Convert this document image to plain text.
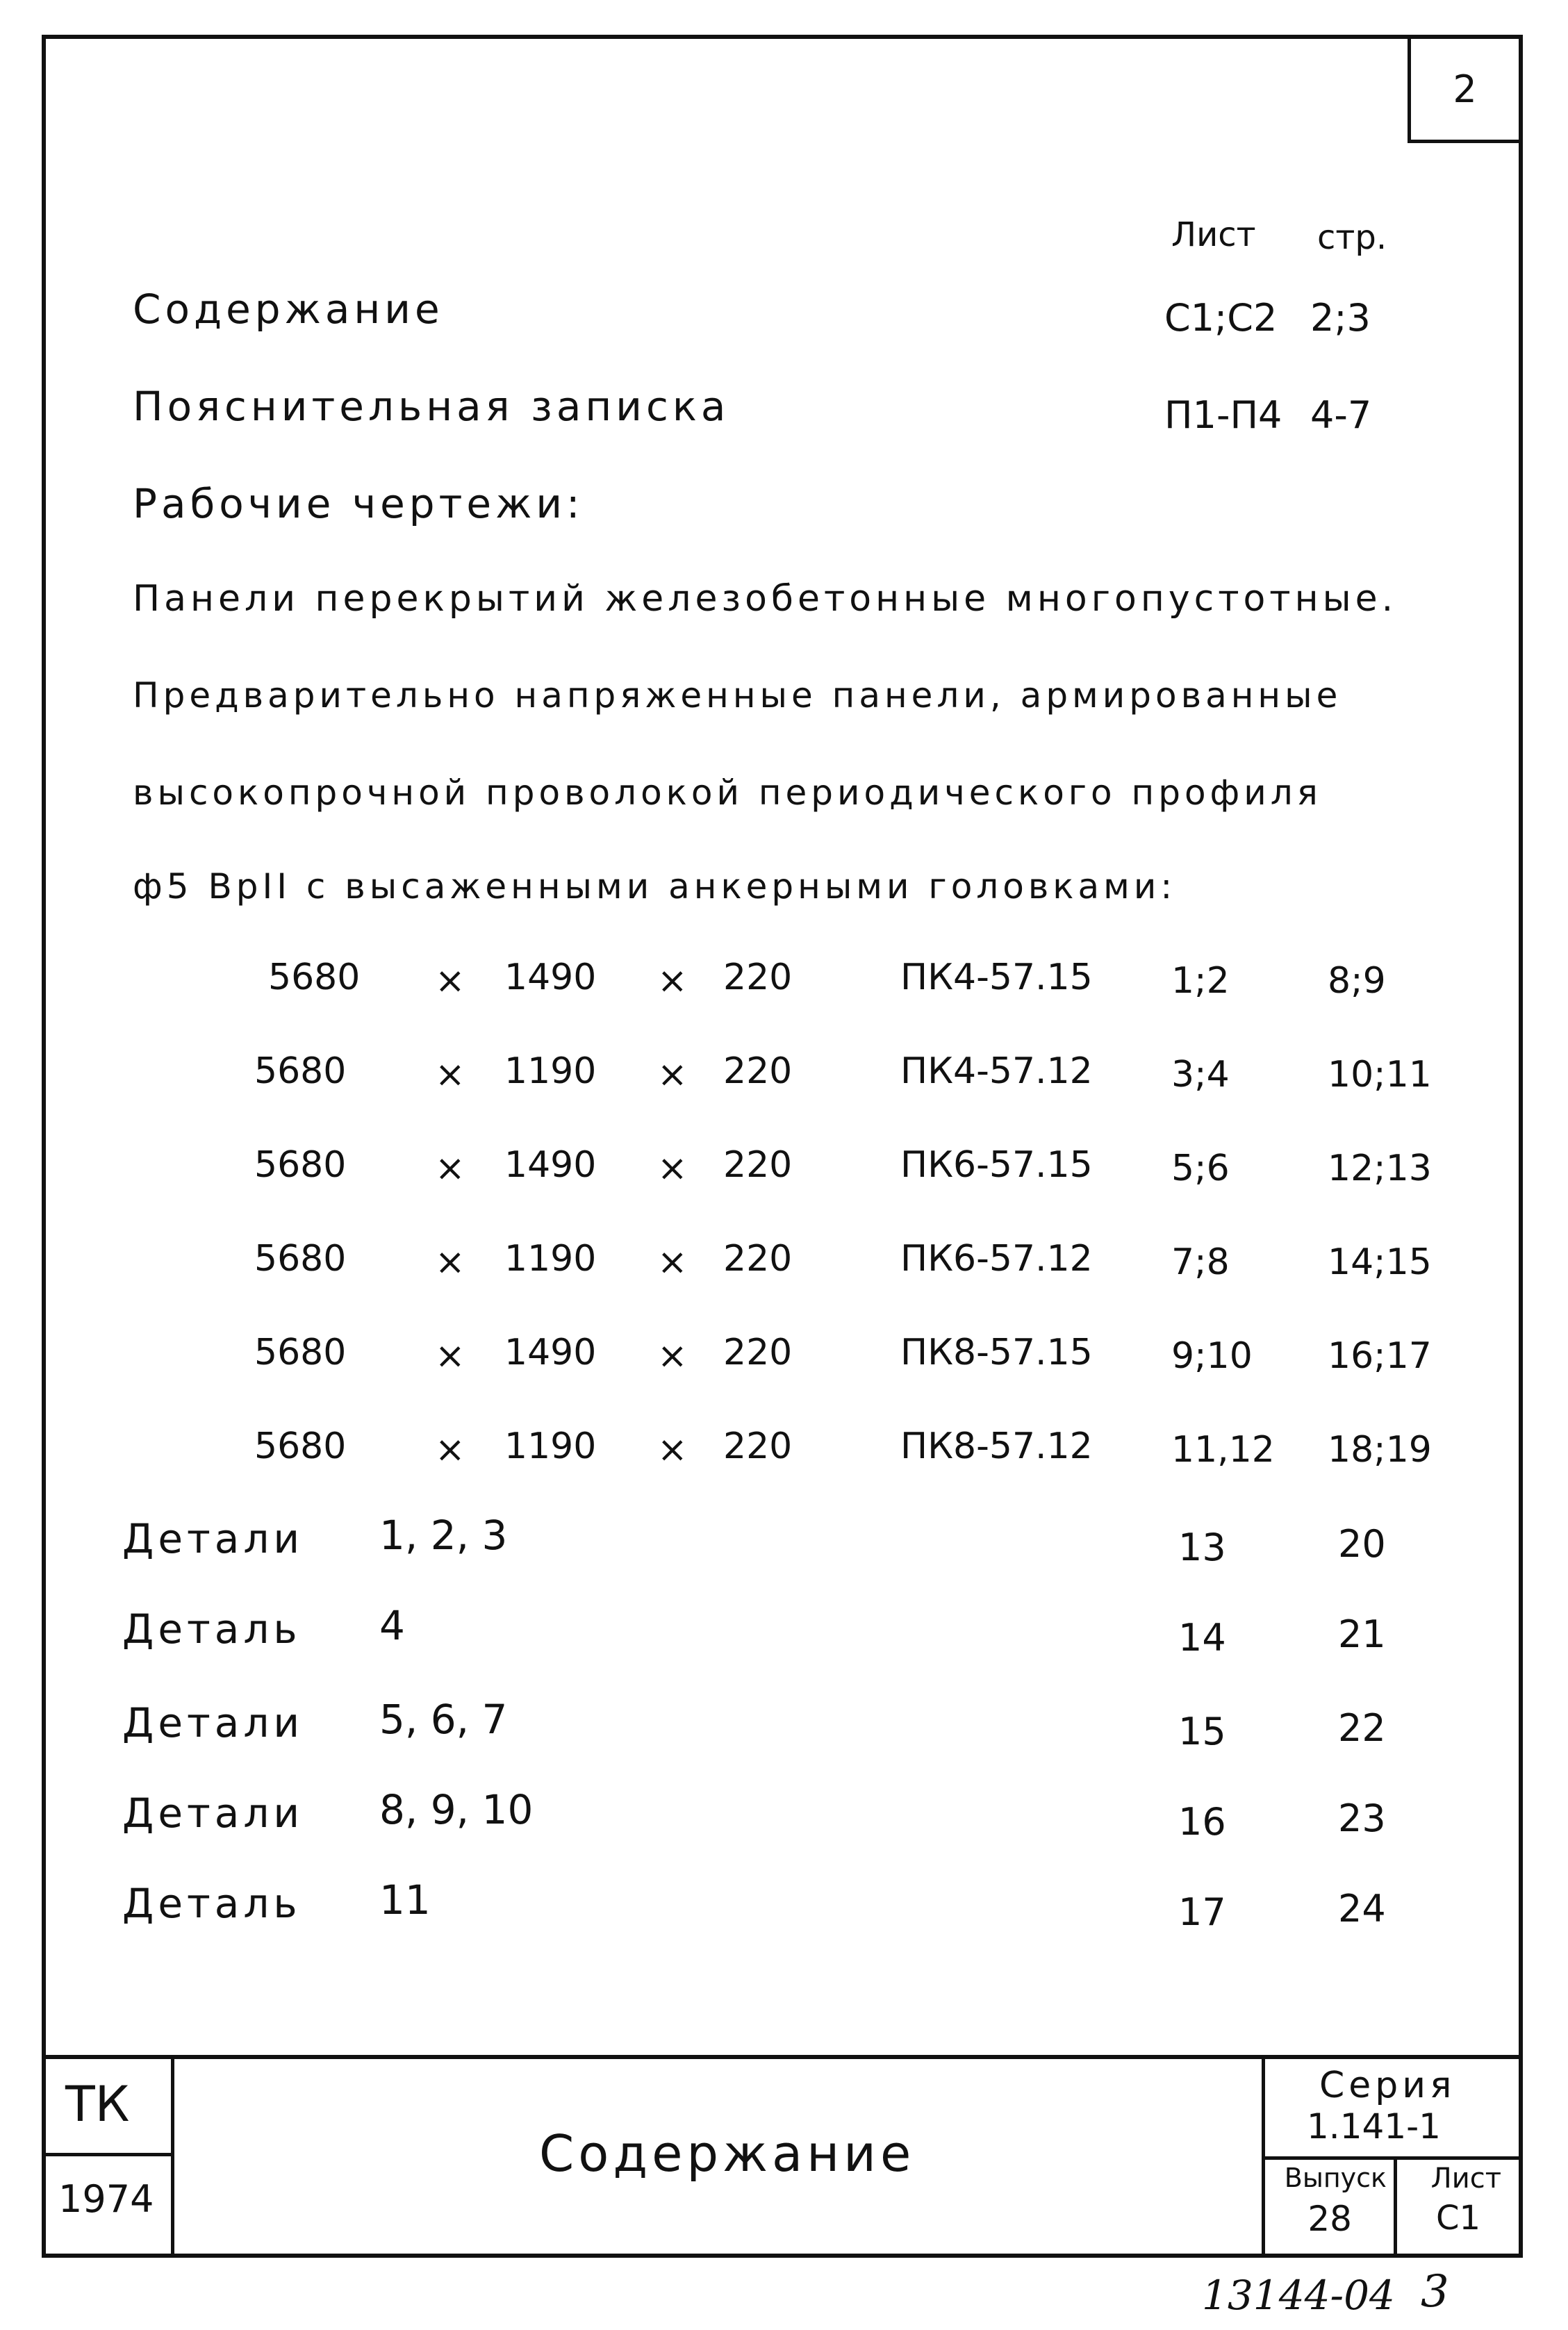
2
Лист стр.
Содержание	С1;С2 2;3
Пояснительная записка	П1-П4 4-7
Рабочие чертежи:
Панели перекрытий железобетонные многопустотные.
Предварительно напряженные панели, армированные
высокопрочной проволокой периодического профиля
ф5 ВрII с высаженными анкерными головками:
5680 × 1490 × 220	ПК4-57.15 1;2	8;9
5680 × 1190 × 220	ПК4-57.12 3;4	10;11
5680 × 1490 × 220	ПК6-57.15 5;6	12;13
5680 × 1190 × 220	ПК6-57.12 7;8	14;15
5680 × 1490 × 220	ПК8-57.15 9;10 16;17
5680 × 1190 × 220	ПК8-57.12 11,12 18;19
Детали 1, 2, 3	13	20
Деталь 4	14	21
Детали 5, 6, 7	15	22
Детали 8, 9, 10	16	23
Деталь 11	17	24
ТК
1974
Содержание
Серия
1.141-1
Выпуск
28
Лист
С1
13144-04 3
